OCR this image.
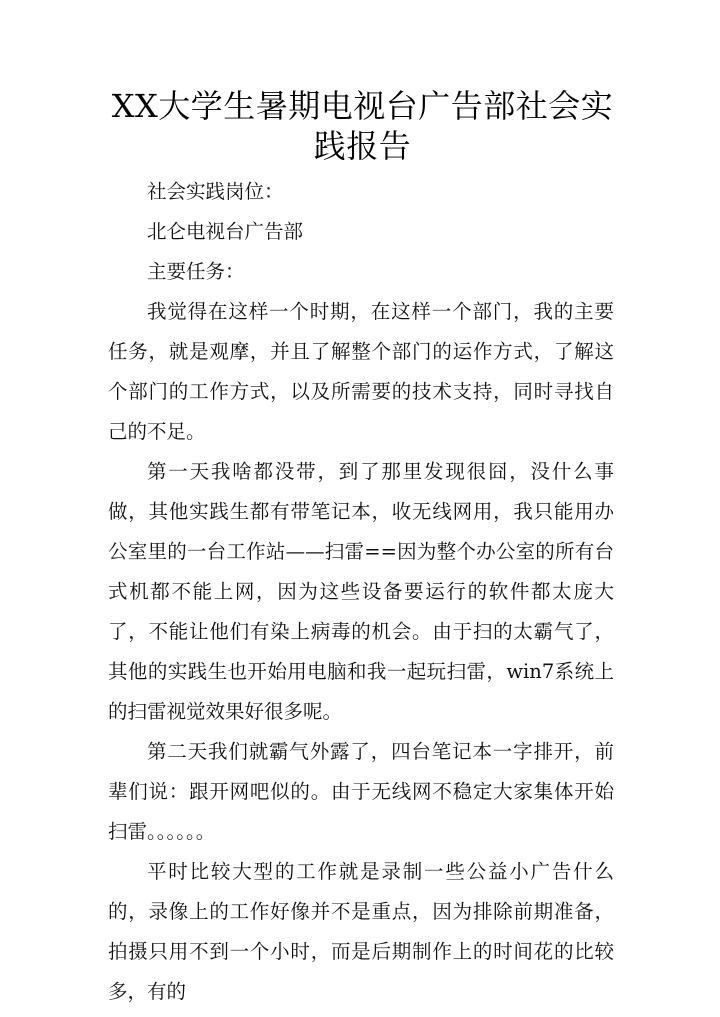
XX大学生暑期电视台广告部社会实践报告

社会实践岗位：

北仑电视台广告部

主要任务：

我觉得在这样一个时期，在这样一个部门，我的主要任务，就是观摩，并且了解整个部门的运作方式，了解这个部门的工作方式，以及所需要的技术支持，同时寻找自己的不足。

第一天我啥都没带，到了那里发现很囧，没什么事做，其他实践生都有带笔记本，收无线网用，我只能用办公室里的一台工作站——扫雷==因为整个办公室的所有台式机都不能上网，因为这些设备要运行的软件都太庞大了，不能让他们有染上病毒的机会。由于扫的太霸气了，其他的实践生也开始用电脑和我一起玩扫雷，win7系统上的扫雷视觉效果好很多呢。

第二天我们就霸气外露了，四台笔记本一字排开，前辈们说：跟开网吧似的。由于无线网不稳定大家集体开始扫雷。。。。。。

平时比较大型的工作就是录制一些公益小广告什么的，录像上的工作好像并不是重点，因为排除前期准备，拍摄只用不到一个小时，而是后期制作上的时间花的比较多，有的
